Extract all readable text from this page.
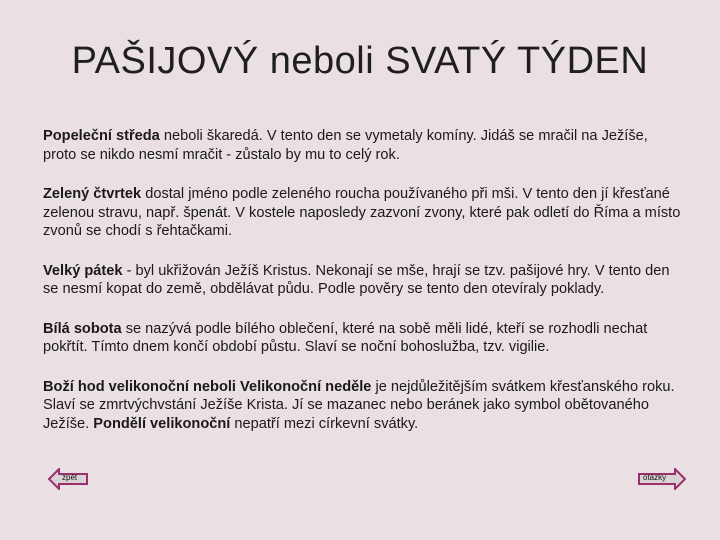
PAŠIJOVÝ neboli SVATÝ TÝDEN

Popeleční středa neboli škaredá. V tento den se vymetaly komíny. Jidáš se mračil na Ježíše, proto se nikdo nesmí mračit - zůstalo by mu to celý rok.

Zelený čtvrtek dostal jméno podle zeleného roucha používaného při mši. V tento den jí křesťané zelenou stravu, např. špenát. V kostele naposledy zazvoní zvony, které pak odletí do Říma a místo zvonů se chodí s řehtačkami.

Velký pátek - byl ukřižován Ježíš Kristus. Nekonají se mše, hrají se tzv. pašijové hry. V tento den se nesmí kopat do země, obdělávat půdu. Podle pověry se tento den otevíraly poklady.

Bílá sobota se nazývá podle bílého oblečení, které na sobě měli lidé, kteří se rozhodli nechat pokřtít. Tímto dnem končí období půstu. Slaví se noční bohoslužba, tzv. vigilie.

Boží hod velikonoční neboli Velikonoční neděle je nejdůležitějším svátkem křesťanského roku. Slaví se zmrtvýchvstání Ježíše Krista. Jí se mazanec nebo beránek jako symbol obětovaného Ježíše. Pondělí velikonoční nepatří mezi církevní svátky.

zpět	otázky
